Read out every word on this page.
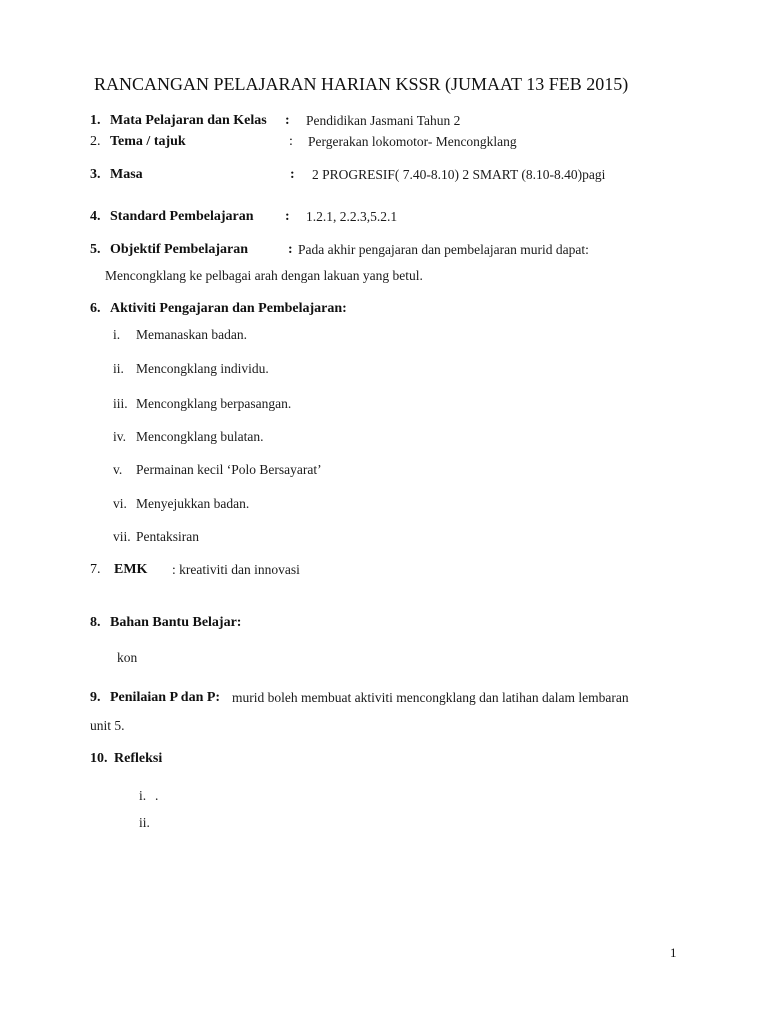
RANCANGAN PELAJARAN HARIAN KSSR (JUMAAT 13 FEB 2015)
1. Mata Pelajaran dan Kelas : Pendidikan Jasmani Tahun 2
2. Tema / tajuk	: Pergerakan lokomotor- Mencongklang
3. Masa	: 2 PROGRESIF( 7.40-8.10) 2 SMART (8.10-8.40)pagi
4. Standard Pembelajaran : 1.2.1, 2.2.3,5.2.1
5. Objektif Pembelajaran	: Pada akhir pengajaran dan pembelajaran murid dapat:
Mencongklang ke pelbagai arah dengan lakuan yang betul.
6. Aktiviti Pengajaran dan Pembelajaran:
i. Memanaskan badan.
ii. Mencongklang individu.
iii. Mencongklang berpasangan.
iv. Mencongklang bulatan.
v. Permainan kecil ‘Polo Bersayarat’
vi. Menyejukkan badan.
vii. Pentaksiran
7. EMK : kreativiti dan innovasi
8. Bahan Bantu Belajar:
kon
9. Penilaian P dan P: murid boleh membuat aktiviti mencongklang dan latihan dalam lembaran
unit 5.
10. Refleksi
i. .
ii.
1
